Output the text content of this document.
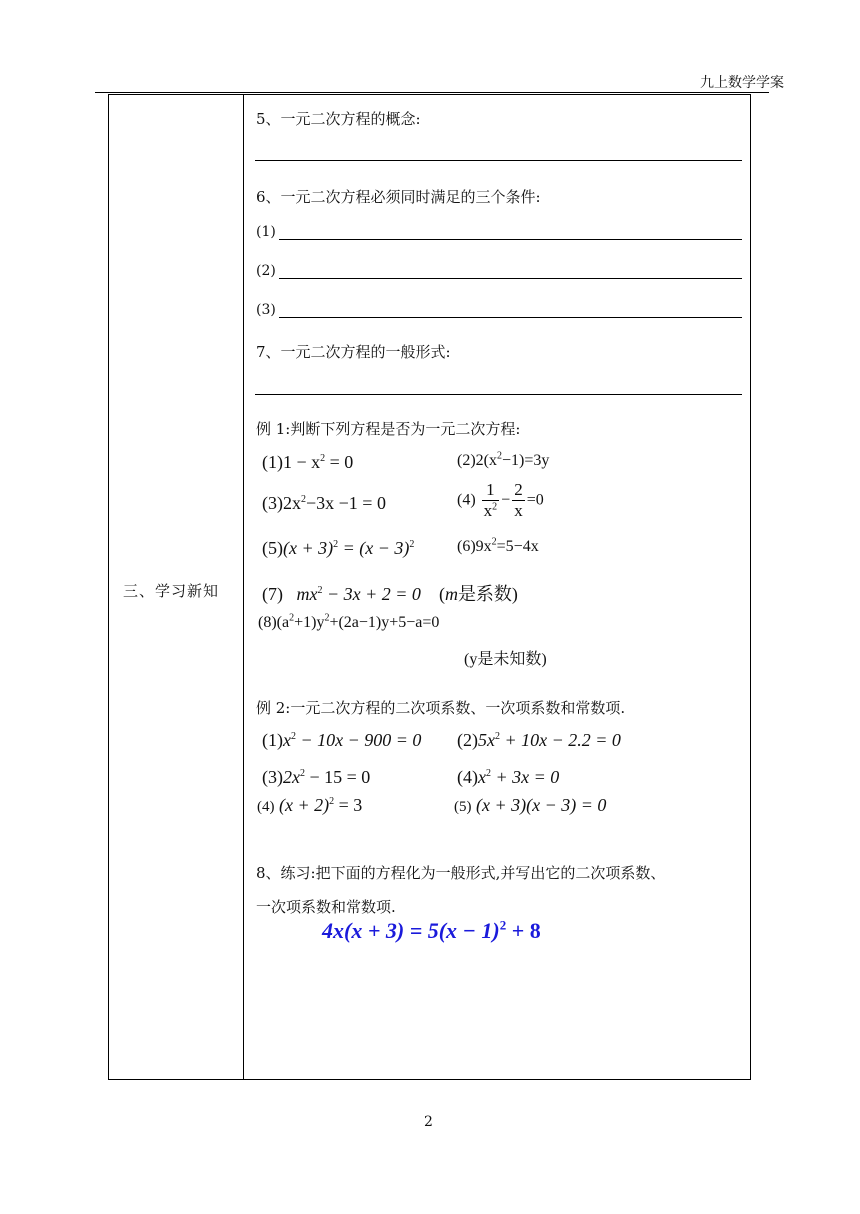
九上数学学案
三、学习新知
5、一元二次方程的概念:
6、一元二次方程必须同时满足的三个条件:
(1)
(2)
(3)
7、一元二次方程的一般形式:
例 1:判断下列方程是否为一元二次方程:
$(1)1 - x^2 = 0$	$(2)2(x^2-1)=3y$
$(3)2x^2-3x -1 = 0$	$(4) \frac{1}{x^2} - \frac{2}{x} =0$
$(5)(x + 3)^2 = (x - 3)^2$	$(6)9x^2=5-4x$
(7) $mx^2 - 3x + 2 = 0$ (m是系数)
$(8)(a^2+1)y^2+(2a-1)y+5-a=0$
(y是未知数)
例 2:一元二次方程的二次项系数、一次项系数和常数项.
$(1)x^2 - 10x - 900 = 0$ $(2)5x^2 + 10x - 2.2 = 0$
$(3)2x^2 - 15 = 0$	$(4)x^2 + 3x = 0$
(4) $(x + 2)^2 = 3$	(5) (x + 3)(x − 3) = 0
8、练习:把下面的方程化为一般形式,并写出它的二次项系数、
一次项系数和常数项.
$4x(x + 3) = 5(x - 1)^2 + 8$
2
